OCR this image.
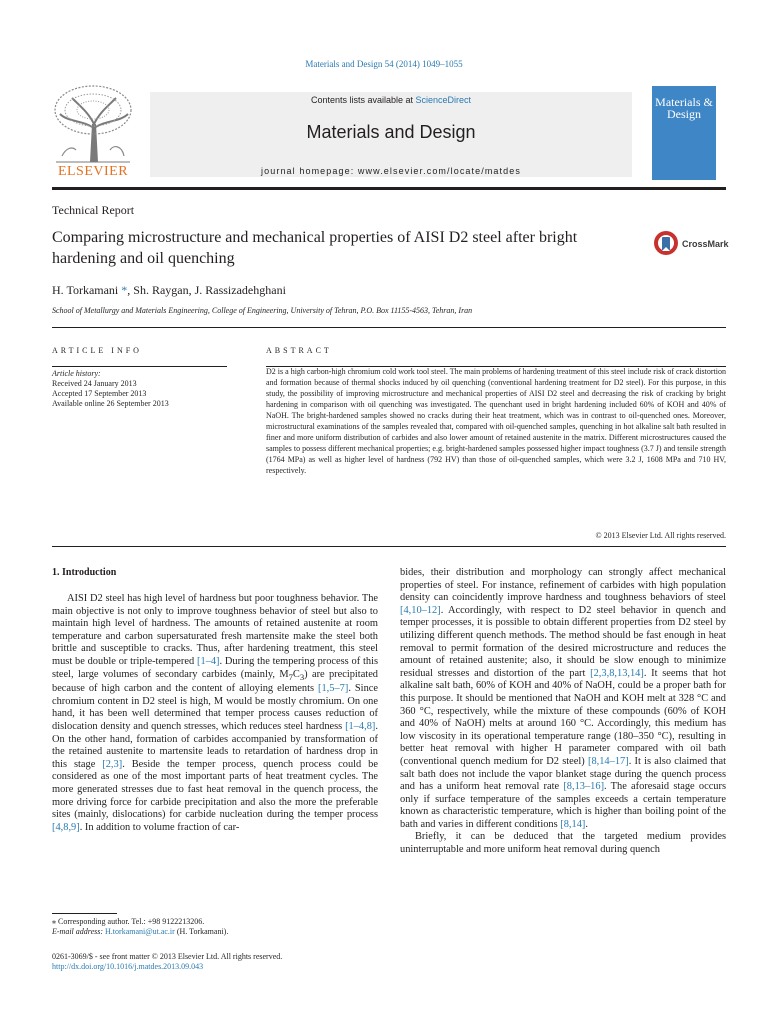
Materials and Design 54 (2014) 1049–1055
ELSEVIER
Contents lists available at ScienceDirect
Materials and Design
journal homepage: www.elsevier.com/locate/matdes
Materials & Design
Technical Report
Comparing microstructure and mechanical properties of AISI D2 steel after bright hardening and oil quenching
CrossMark
H. Torkamani *, Sh. Raygan, J. Rassizadehghani
School of Metallurgy and Materials Engineering, College of Engineering, University of Tehran, P.O. Box 11155-4563, Tehran, Iran
ARTICLE INFO	ABSTRACT
Article history:
Received 24 January 2013
Accepted 17 September 2013
Available online 26 September 2013
D2 is a high carbon-high chromium cold work tool steel. The main problems of hardening treatment of this steel include risk of crack distortion and formation because of thermal shocks induced by oil quenching (conventional hardening treatment for D2 steel). For this purpose, in this study, the possibility of improving microstructure and mechanical properties of AISI D2 steel and decreasing the risk of cracking by bright hardening in comparison with oil quenching was investigated. The quenchant used in bright hardening included 60% of KOH and 40% of NaOH. The bright-hardened samples showed no cracks during their heat treatment, which was in contrast to oil-quenched ones. Moreover, microstructural examinations of the samples revealed that, compared with oil-quenched samples, quenching in hot alkaline salt bath resulted in finer and more uniform distribution of carbides and also lower amount of retained austenite in the matrix. Different microstructures caused the samples to possess different mechanical properties; e.g. bright-hardened samples possessed higher impact toughness (3.7 J) and tensile strength (1764 MPa) as well as higher level of hardness (792 HV) than those of oil-quenched samples, which were 3.2 J, 1608 MPa and 710 HV, respectively.
© 2013 Elsevier Ltd. All rights reserved.
1. Introduction

AISI D2 steel has high level of hardness but poor toughness behavior. The main objective is not only to improve toughness behavior of steel but also to maintain high level of hardness. The amounts of retained austenite at room temperature and carbon supersaturated fresh martensite make the steel both brittle and susceptible to cracks. Thus, after hardening treatment, this steel must be double or triple-tempered [1–4]. During the tempering process of this steel, large volumes of secondary carbides (mainly, $M_7C_3$) are precipitated because of high carbon and the content of alloying elements [1,5–7]. Since chromium content in D2 steel is high, M would be mostly chromium. On one hand, it has been well determined that temper process causes reduction of dislocation density and quench stresses, which reduces steel hardness [1–4,8]. On the other hand, formation of carbides accompanied by transformation of the retained austenite to martensite leads to retardation of hardness drop in this stage [2,3]. Beside the temper process, quench process could be considered as one of the most important parts of heat treatment cycles. The more generated stresses due to fast heat removal in the quench process, the more driving force for carbide precipitation and also the more the preferable sites (mainly, dislocations) for carbide nucleation during the temper process [4,8,9]. In addition to volume fraction of car-

bides, their distribution and morphology can strongly affect mechanical properties of steel. For instance, refinement of carbides with high population density can coincidently improve hardness and toughness behaviors of steel [4,10–12]. Accordingly, with respect to D2 steel behavior in quench and temper processes, it is possible to obtain different properties from D2 steel by utilizing different quench methods. The method should be fast enough in heat removal to permit formation of the desired microstructure and reduces the amount of retained austenite; also, it should be slow enough to minimize residual stresses and distortion of the part [2,3,8,13,14]. It seems that hot alkaline salt bath, 60% of KOH and 40% of NaOH, could be a proper bath for this purpose. It should be mentioned that NaOH and KOH melt at 328 °C and 360 °C, respectively, while the mixture of these compounds (60% of KOH and 40% of NaOH) melts at around 160 °C. Accordingly, this medium has low viscosity in its operational temperature range (180–350 °C), resulting in better heat removal with higher H parameter compared with oil bath (conventional quench medium for D2 steel) [8,14–17]. It is also claimed that salt bath does not include the vapor blanket stage during the quench process and has a uniform heat removal rate [8,13–16]. The aforesaid stage occurs only if surface temperature of the samples exceeds a certain temperature known as characteristic temperature, which is higher than boiling point of the bath and varies in different conditions [8,14].

Briefly, it can be deduced that the targeted medium provides uninterruptable and more uniform heat removal during quench

⁎ Corresponding author. Tel.: +98 9122213206.
E-mail address: H.torkamani@ut.ac.ir (H. Torkamani).
0261-3069/$ - see front matter © 2013 Elsevier Ltd. All rights reserved.
http://dx.doi.org/10.1016/j.matdes.2013.09.043
